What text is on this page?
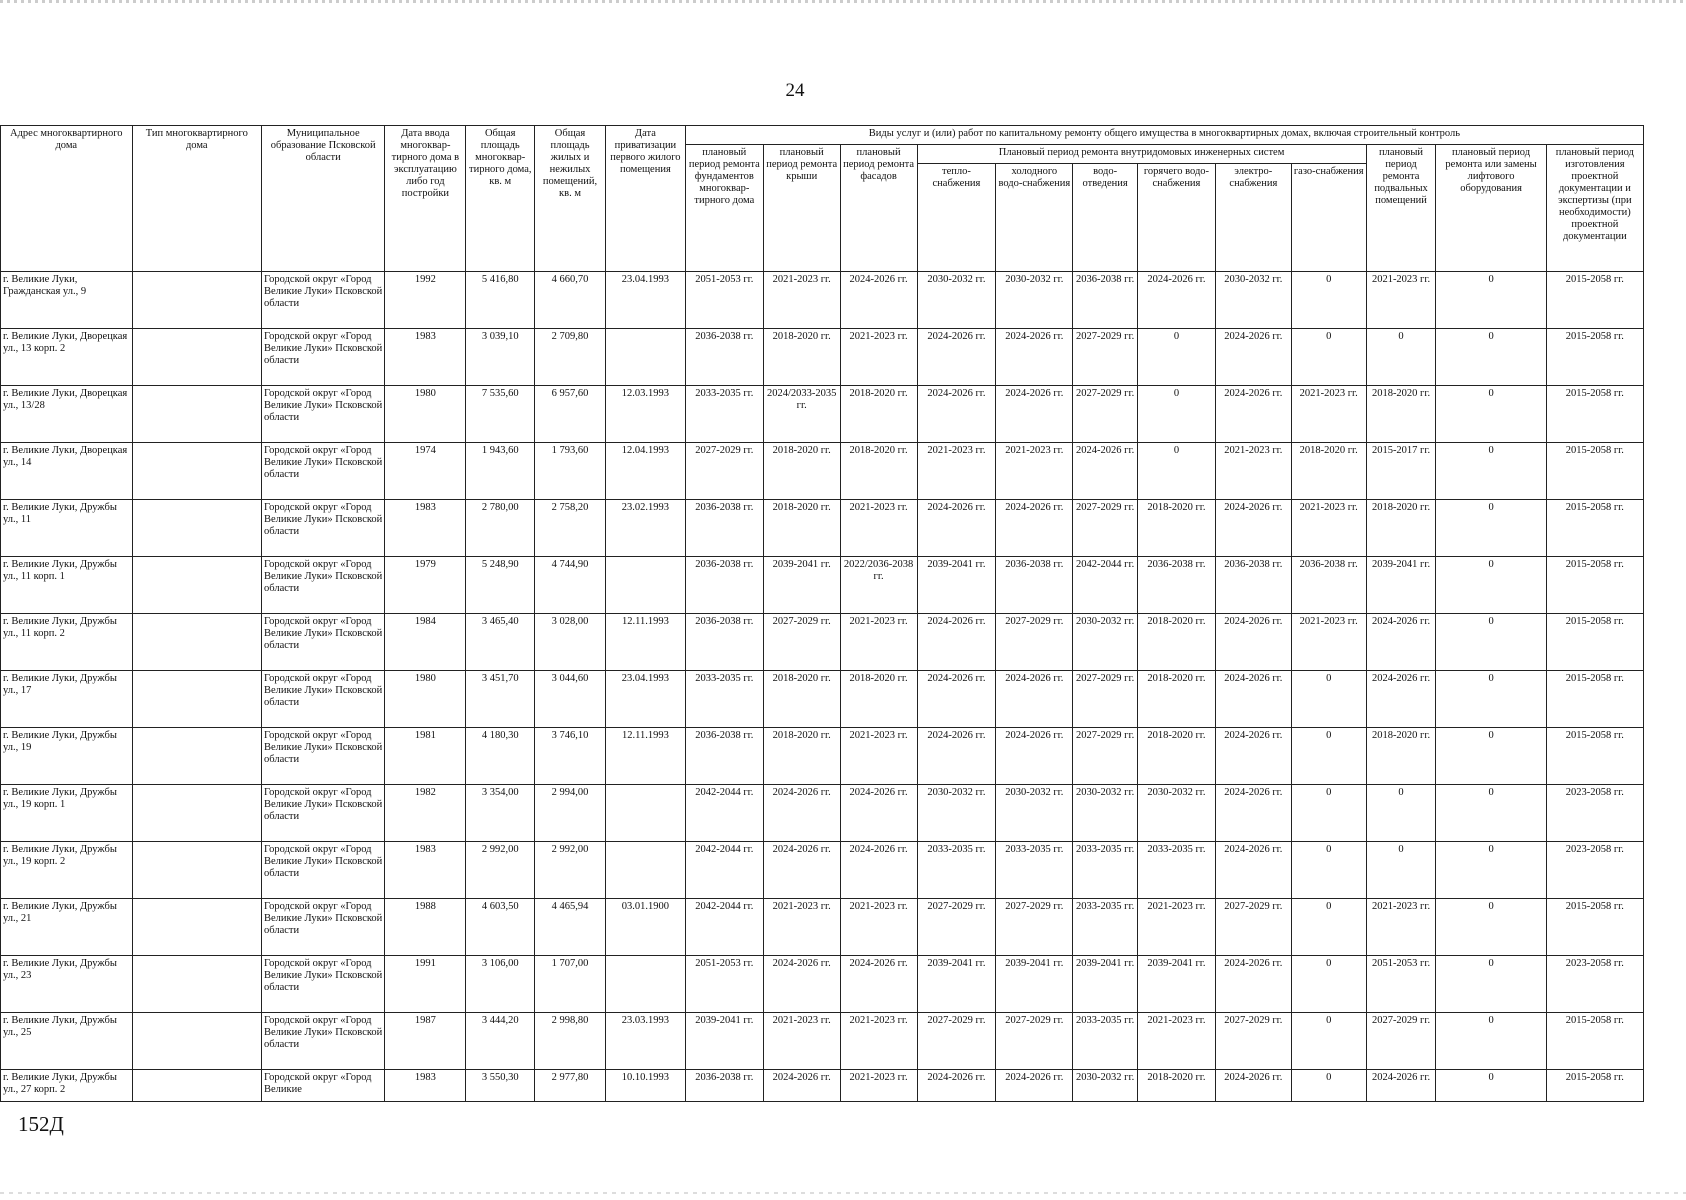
24
Адрес многоквартирного дома	Тип многоквартирного дома	Муниципальное образование Псковской области	Дата ввода многоквар-тирного дома в эксплуатацию либо год постройки	Общая площадь многоквар-тирного дома, кв. м	Общая площадь жилых и нежилых помещений, кв. м	Дата приватизации первого жилого помещения	Виды услуг и (или) работ по капитальному ремонту общего имущества в многоквартирных домах, включая строительный контроль											
							плановый период ремонта фундаментов многоквар-тирного дома	плановый период ремонта крыши	плановый период ремонта фасадов	Плановый период ремонта внутридомовых инженерных систем						плановый период ремонта подвальных помещений	плановый период ремонта или замены лифтового оборудования	плановый период изготовления проектной документации и экспертизы (при необходимости) проектной документации
										тепло-снабжения	холодного водо-снабжения	водо-отведения	горячего водо-снабжения	электро-снабжения	газо-снабжения			
г. Великие Луки, Гражданская ул., 9		Городской округ «Город Великие Луки» Псковской области	1992	5 416,80	4 660,70	23.04.1993	2051-2053 гг.	2021-2023 гг.	2024-2026 гг.	2030-2032 гг.	2030-2032 гг.	2036-2038 гг.	2024-2026 гг.	2030-2032 гг.	0	2021-2023 гг.	0	2015-2058 гг.
г. Великие Луки, Дворецкая ул., 13 корп. 2		Городской округ «Город Великие Луки» Псковской области	1983	3 039,10	2 709,80		2036-2038 гг.	2018-2020 гг.	2021-2023 гг.	2024-2026 гг.	2024-2026 гг.	2027-2029 гг.	0	2024-2026 гг.	0	0	0	2015-2058 гг.
г. Великие Луки, Дворецкая ул., 13/28		Городской округ «Город Великие Луки» Псковской области	1980	7 535,60	6 957,60	12.03.1993	2033-2035 гг.	2024/2033-2035 гг.	2018-2020 гг.	2024-2026 гг.	2024-2026 гг.	2027-2029 гг.	0	2024-2026 гг.	2021-2023 гг.	2018-2020 гг.	0	2015-2058 гг.
г. Великие Луки, Дворецкая ул., 14		Городской округ «Город Великие Луки» Псковской области	1974	1 943,60	1 793,60	12.04.1993	2027-2029 гг.	2018-2020 гг.	2018-2020 гг.	2021-2023 гг.	2021-2023 гг.	2024-2026 гг.	0	2021-2023 гг.	2018-2020 гг.	2015-2017 гг.	0	2015-2058 гг.
г. Великие Луки, Дружбы ул., 11		Городской округ «Город Великие Луки» Псковской области	1983	2 780,00	2 758,20	23.02.1993	2036-2038 гг.	2018-2020 гг.	2021-2023 гг.	2024-2026 гг.	2024-2026 гг.	2027-2029 гг.	2018-2020 гг.	2024-2026 гг.	2021-2023 гг.	2018-2020 гг.	0	2015-2058 гг.
г. Великие Луки, Дружбы ул., 11 корп. 1		Городской округ «Город Великие Луки» Псковской области	1979	5 248,90	4 744,90		2036-2038 гг.	2039-2041 гг.	2022/2036-2038 гг.	2039-2041 гг.	2036-2038 гг.	2042-2044 гг.	2036-2038 гг.	2036-2038 гг.	2036-2038 гг.	2039-2041 гг.	0	2015-2058 гг.
г. Великие Луки, Дружбы ул., 11 корп. 2		Городской округ «Город Великие Луки» Псковской области	1984	3 465,40	3 028,00	12.11.1993	2036-2038 гг.	2027-2029 гг.	2021-2023 гг.	2024-2026 гг.	2027-2029 гг.	2030-2032 гг.	2018-2020 гг.	2024-2026 гг.	2021-2023 гг.	2024-2026 гг.	0	2015-2058 гг.
г. Великие Луки, Дружбы ул., 17		Городской округ «Город Великие Луки» Псковской области	1980	3 451,70	3 044,60	23.04.1993	2033-2035 гг.	2018-2020 гг.	2018-2020 гг.	2024-2026 гг.	2024-2026 гг.	2027-2029 гг.	2018-2020 гг.	2024-2026 гг.	0	2024-2026 гг.	0	2015-2058 гг.
г. Великие Луки, Дружбы ул., 19		Городской округ «Город Великие Луки» Псковской области	1981	4 180,30	3 746,10	12.11.1993	2036-2038 гг.	2018-2020 гг.	2021-2023 гг.	2024-2026 гг.	2024-2026 гг.	2027-2029 гг.	2018-2020 гг.	2024-2026 гг.	0	2018-2020 гг.	0	2015-2058 гг.
г. Великие Луки, Дружбы ул., 19 корп. 1		Городской округ «Город Великие Луки» Псковской области	1982	3 354,00	2 994,00		2042-2044 гг.	2024-2026 гг.	2024-2026 гг.	2030-2032 гг.	2030-2032 гг.	2030-2032 гг.	2030-2032 гг.	2024-2026 гг.	0	0	0	2023-2058 гг.
г. Великие Луки, Дружбы ул., 19 корп. 2		Городской округ «Город Великие Луки» Псковской области	1983	2 992,00	2 992,00		2042-2044 гг.	2024-2026 гг.	2024-2026 гг.	2033-2035 гг.	2033-2035 гг.	2033-2035 гг.	2033-2035 гг.	2024-2026 гг.	0	0	0	2023-2058 гг.
г. Великие Луки, Дружбы ул., 21		Городской округ «Город Великие Луки» Псковской области	1988	4 603,50	4 465,94	03.01.1900	2042-2044 гг.	2021-2023 гг.	2021-2023 гг.	2027-2029 гг.	2027-2029 гг.	2033-2035 гг.	2021-2023 гг.	2027-2029 гг.	0	2021-2023 гг.	0	2015-2058 гг.
г. Великие Луки, Дружбы ул., 23		Городской округ «Город Великие Луки» Псковской области	1991	3 106,00	1 707,00		2051-2053 гг.	2024-2026 гг.	2024-2026 гг.	2039-2041 гг.	2039-2041 гг.	2039-2041 гг.	2039-2041 гг.	2024-2026 гг.	0	2051-2053 гг.	0	2023-2058 гг.
г. Великие Луки, Дружбы ул., 25		Городской округ «Город Великие Луки» Псковской области	1987	3 444,20	2 998,80	23.03.1993	2039-2041 гг.	2021-2023 гг.	2021-2023 гг.	2027-2029 гг.	2027-2029 гг.	2033-2035 гг.	2021-2023 гг.	2027-2029 гг.	0	2027-2029 гг.	0	2015-2058 гг.
г. Великие Луки, Дружбы ул., 27 корп. 2		Городской округ «Город Великие	1983	3 550,30	2 977,80	10.10.1993	2036-2038 гг.	2024-2026 гг.	2021-2023 гг.	2024-2026 гг.	2024-2026 гг.	2030-2032 гг.	2018-2020 гг.	2024-2026 гг.	0	2024-2026 гг.	0	2015-2058 гг.
152Д
